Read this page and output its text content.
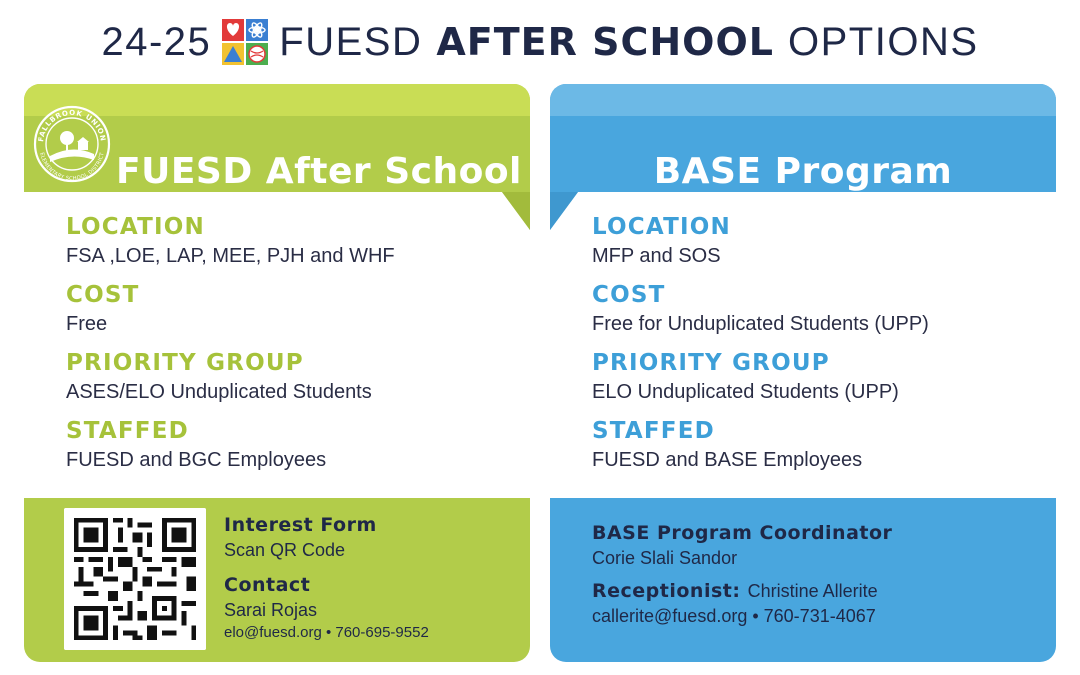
24-25 FUESD AFTER SCHOOL OPTIONS
FALLBROOK UNION
ELEMENTARY SCHOOL DISTRICT FUESD After School
LOCATION
FSA ,LOE, LAP, MEE, PJH and WHF
COST
Free
PRIORITY GROUP
ASES/ELO Unduplicated Students
STAFFED
FUESD and BGC Employees
Interest Form
Scan QR Code
Contact
Sarai Rojas
elo@fuesd.org • 760-695-9552
BASE Program
LOCATION
MFP and SOS
COST
Free for Unduplicated Students (UPP)
PRIORITY GROUP
ELO Unduplicated Students (UPP)
STAFFED
FUESD and BASE Employees
BASE Program Coordinator
Corie Slali Sandor
Receptionist: Christine Allerite
callerite@fuesd.org • 760-731-4067
